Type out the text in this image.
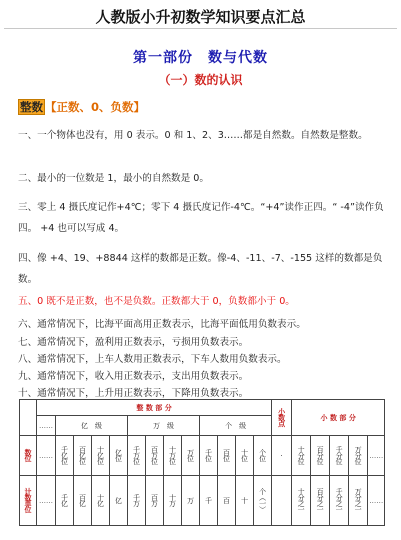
人教版小升初数学知识要点汇总
第一部份　数与代数
（一）数的认识
整数 【正数、0、负数】
一、一个物体也没有，用 0 表示。0 和 1、2、3……都是自然数。自然数是整数。
二、最小的一位数是 1，最小的自然数是 0。
三、零上 4 摄氏度记作+4℃；零下 4 摄氏度记作-4℃。“+4”读作正四。“ -4”读作负四。 +4 也可以写成 4。
四、像 +4、19、+8844 这样的数都是正数。像-4、-11、-7、-155 这样的数都是负数。
五、0 既不是正数，也不是负数。正数都大于 0，负数都小于 0。
六、通常情况下，比海平面高用正数表示，比海平面低用负数表示。
七、通常情况下，盈利用正数表示，亏损用负数表示。
八、通常情况下，上车人数用正数表示，下车人数用负数表示。
九、通常情况下，收入用正数表示，支出用负数表示。
十、通常情况下，上升用正数表示，下降用负数表示。
	整 数 部 分													小数点	小 数 部 分				
	……	亿　级				万　级				个　级									
数位	……	千亿位	百亿位	十亿位	亿位	千万位	百万位	十万位	万位	千位	百位	十位	个位	·	十分位	百分位	千分位	万分位	……
计数单位	……	千亿	百亿	十亿	亿	千万	百万	十万	万	千	百	十	个（一）		十分之一	百分之一	千分之一	万分之一	……
